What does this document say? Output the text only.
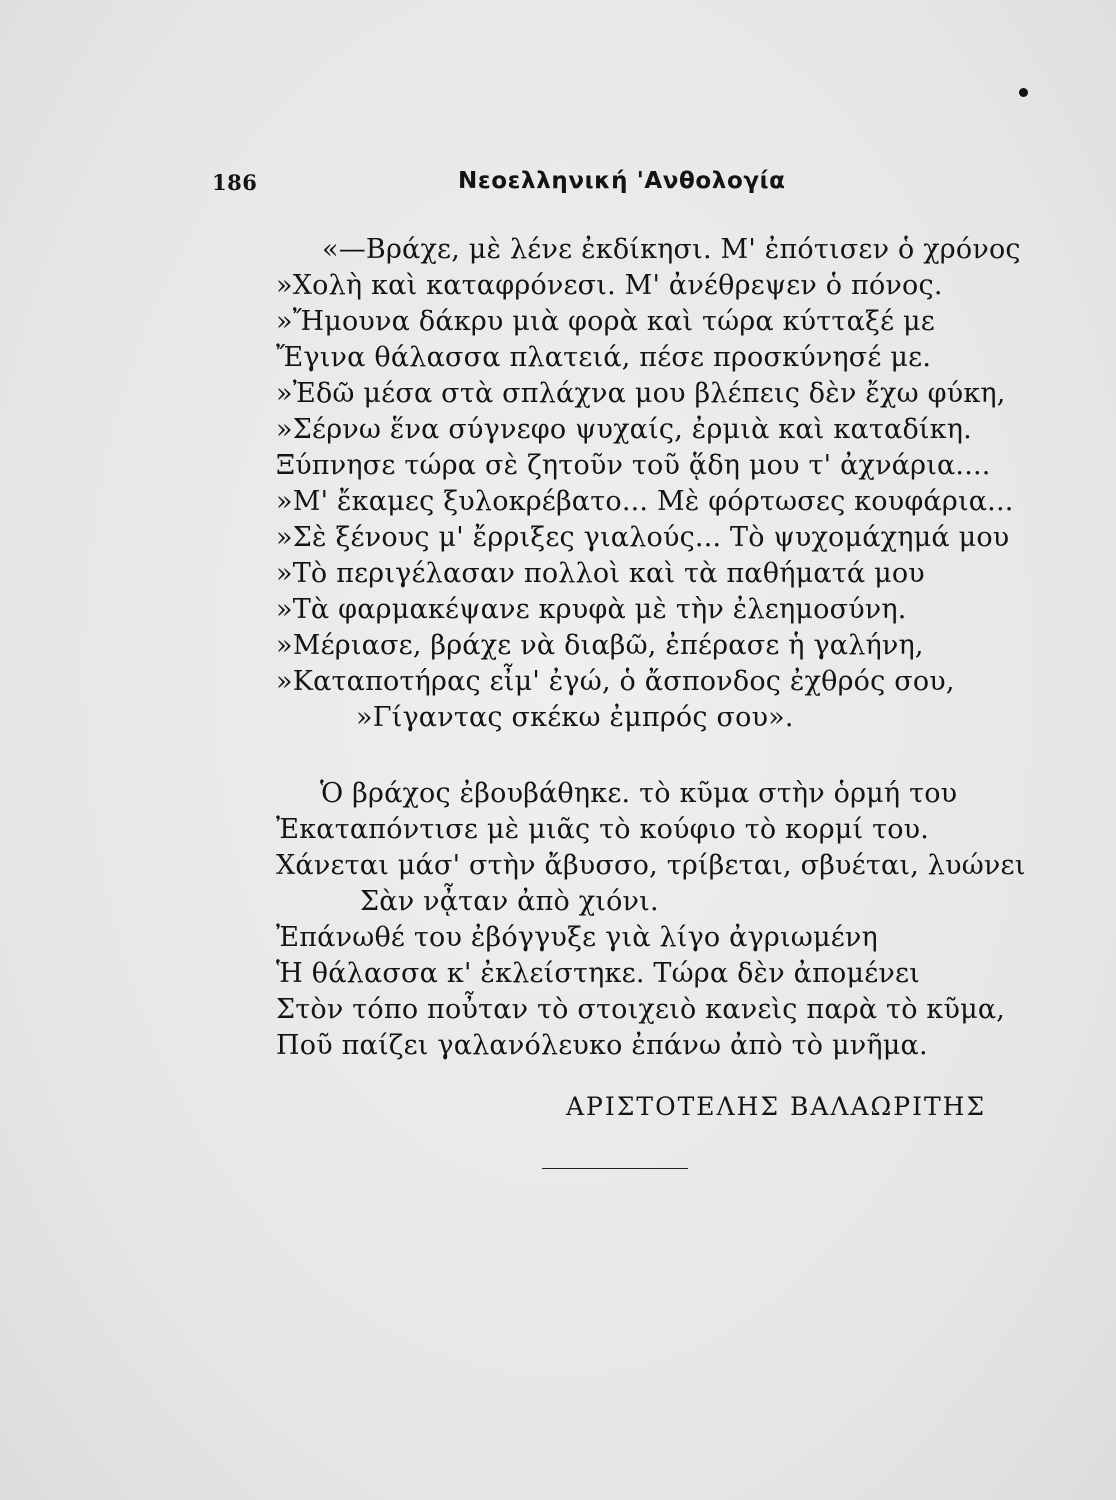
186	Νεοελληνική 'Ανθολογία
«—Βράχε, μὲ λένε ἐκδίκησι. Μ' ἐπότισεν ὁ χρόνος
»Χολὴ καὶ καταφρόνεσι. Μ' ἀνέθρεψεν ὁ πόνος.
»Ἤμουνα δάκρυ μιὰ φορὰ καὶ τώρα κύτταξέ με
Ἔγινα θάλασσα πλατειά, πέσε προσκύνησέ με.
»Ἐδῶ μέσα στὰ σπλάχνα μου βλέπεις δὲν ἔχω φύκη,
»Σέρνω ἕνα σύγνεφο ψυχαίς, ἐρμιὰ καὶ καταδίκη.
Ξύπνησε τώρα σὲ ζητοῦν τοῦ ᾅδη μου τ' ἀχνάρια....
»Μ' ἔκαμες ξυλοκρέβατο... Μὲ φόρτωσες κουφάρια...
»Σὲ ξένους μ' ἔρριξες γιαλούς... Τὸ ψυχομάχημά μου
»Τὸ περιγέλασαν πολλοὶ καὶ τὰ παθήματά μου
»Τὰ φαρμακέψανε κρυφὰ μὲ τὴν ἐλεημοσύνη.
»Μέριασε, βράχε νὰ διαβῶ, ἐπέρασε ἡ γαλήνη,
»Καταποτήρας εἶμ' ἐγώ, ὁ ἄσπονδος ἐχθρός σου,
»Γίγαντας σκέκω ἐμπρός σου».
Ὁ βράχος ἐβουβάθηκε. τὸ κῦμα στὴν ὁρμή του
Ἐκαταπόντισε μὲ μιᾶς τὸ κούφιο τὸ κορμί του.
Χάνεται μάσ' στὴν ἄβυσσο, τρίβεται, σβυέται, λυώνει
Σὰν νᾆταν ἀπὸ χιόνι.
Ἐπάνωθέ του ἐβόγγυξε γιὰ λίγο ἀγριωμένη
Ἡ θάλασσα κ' ἐκλείστηκε. Τώρα δὲν ἀπομένει
Στὸν τόπο ποὖταν τὸ στοιχειὸ κανεὶς παρὰ τὸ κῦμα,
Ποῦ παίζει γαλανόλευκο ἐπάνω ἀπὸ τὸ μνῆμα.
ΑΡΙΣΤΟΤΕΛΗΣ ΒΑΛΑΩΡΙΤΗΣ
